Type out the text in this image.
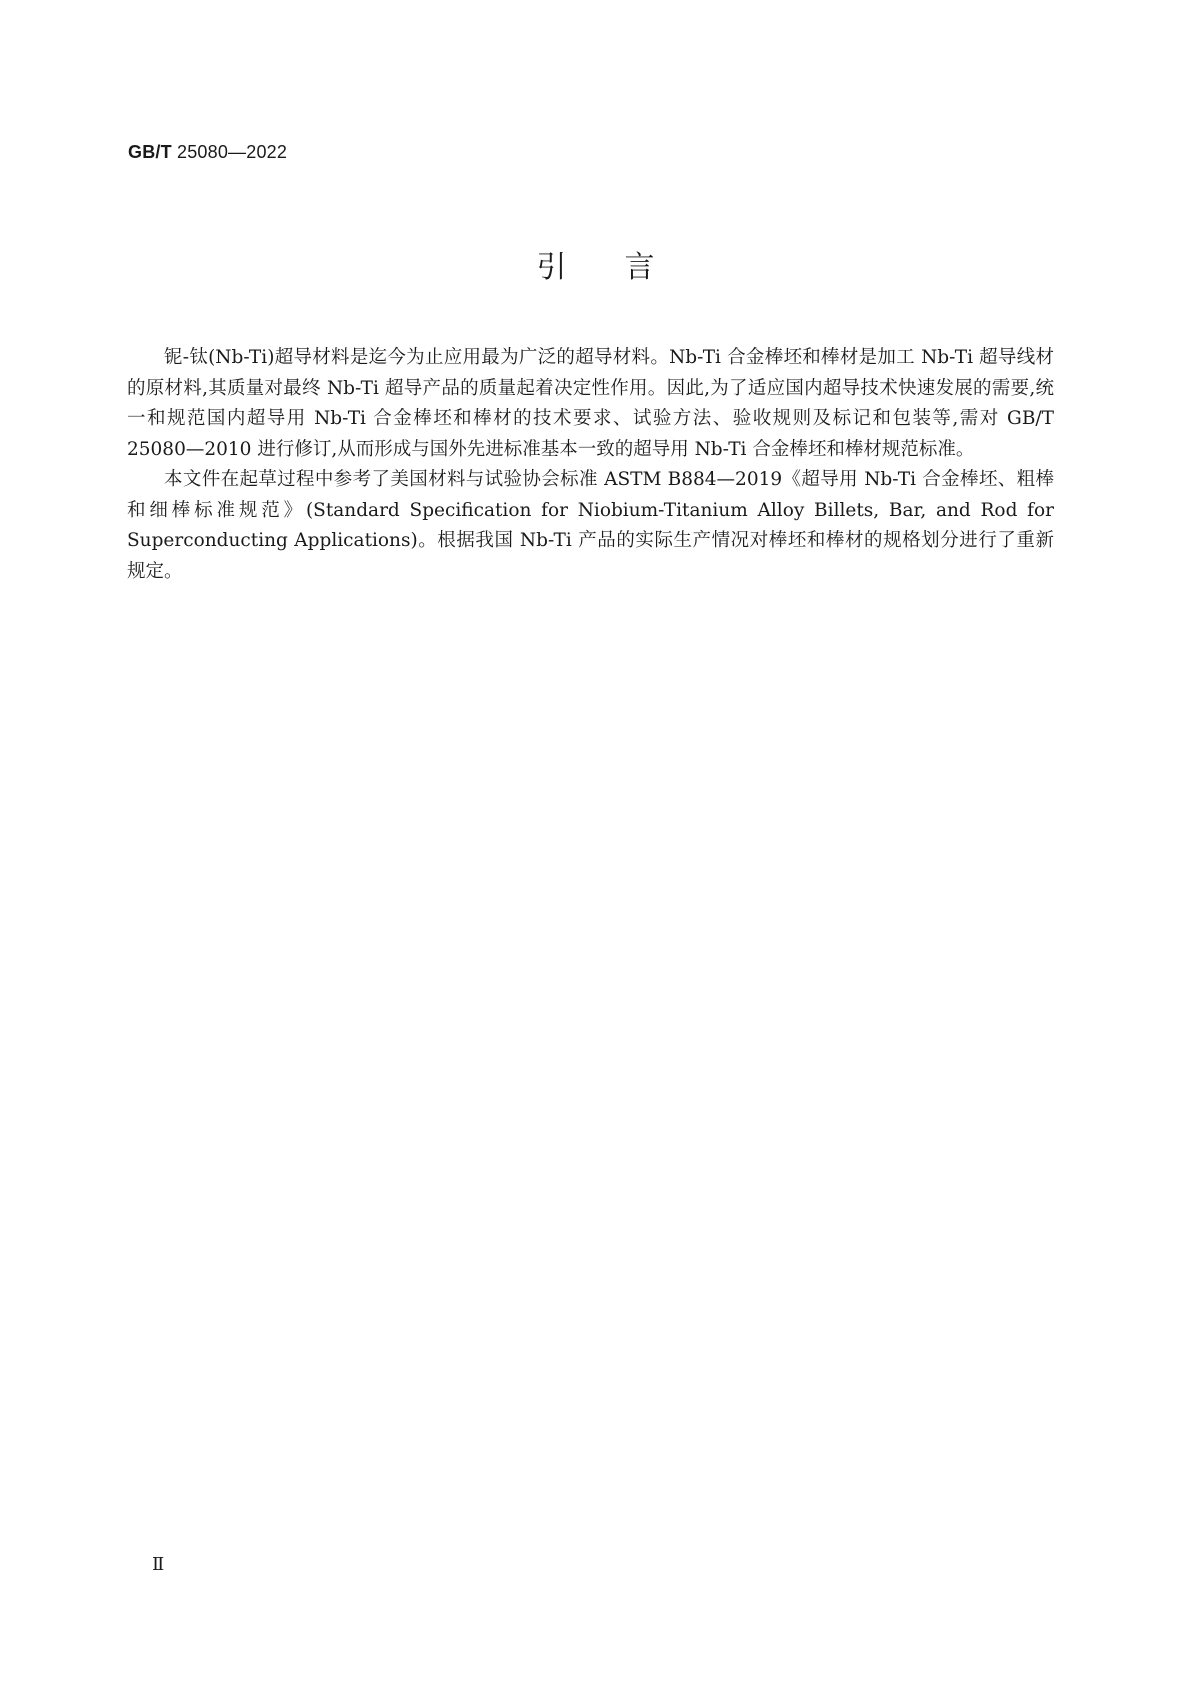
GB/T 25080—2022
引言

铌-钛(Nb-Ti)超导材料是迄今为止应用最为广泛的超导材料。Nb-Ti 合金棒坯和棒材是加工 Nb-Ti 超导线材的原材料,其质量对最终 Nb-Ti 超导产品的质量起着决定性作用。因此,为了适应国内超导技术快速发展的需要,统一和规范国内超导用 Nb-Ti 合金棒坯和棒材的技术要求、试验方法、验收规则及标记和包装等,需对 GB/T 25080—2010 进行修订,从而形成与国外先进标准基本一致的超导用 Nb-Ti 合金棒坯和棒材规范标准。

本文件在起草过程中参考了美国材料与试验协会标准 ASTM B884—2019《超导用 Nb-Ti 合金棒坯、粗棒和细棒标准规范》(Standard Specification for Niobium-Titanium Alloy Billets, Bar, and Rod for Superconducting Applications)。根据我国 Nb-Ti 产品的实际生产情况对棒坯和棒材的规格划分进行了重新规定。

Ⅱ
